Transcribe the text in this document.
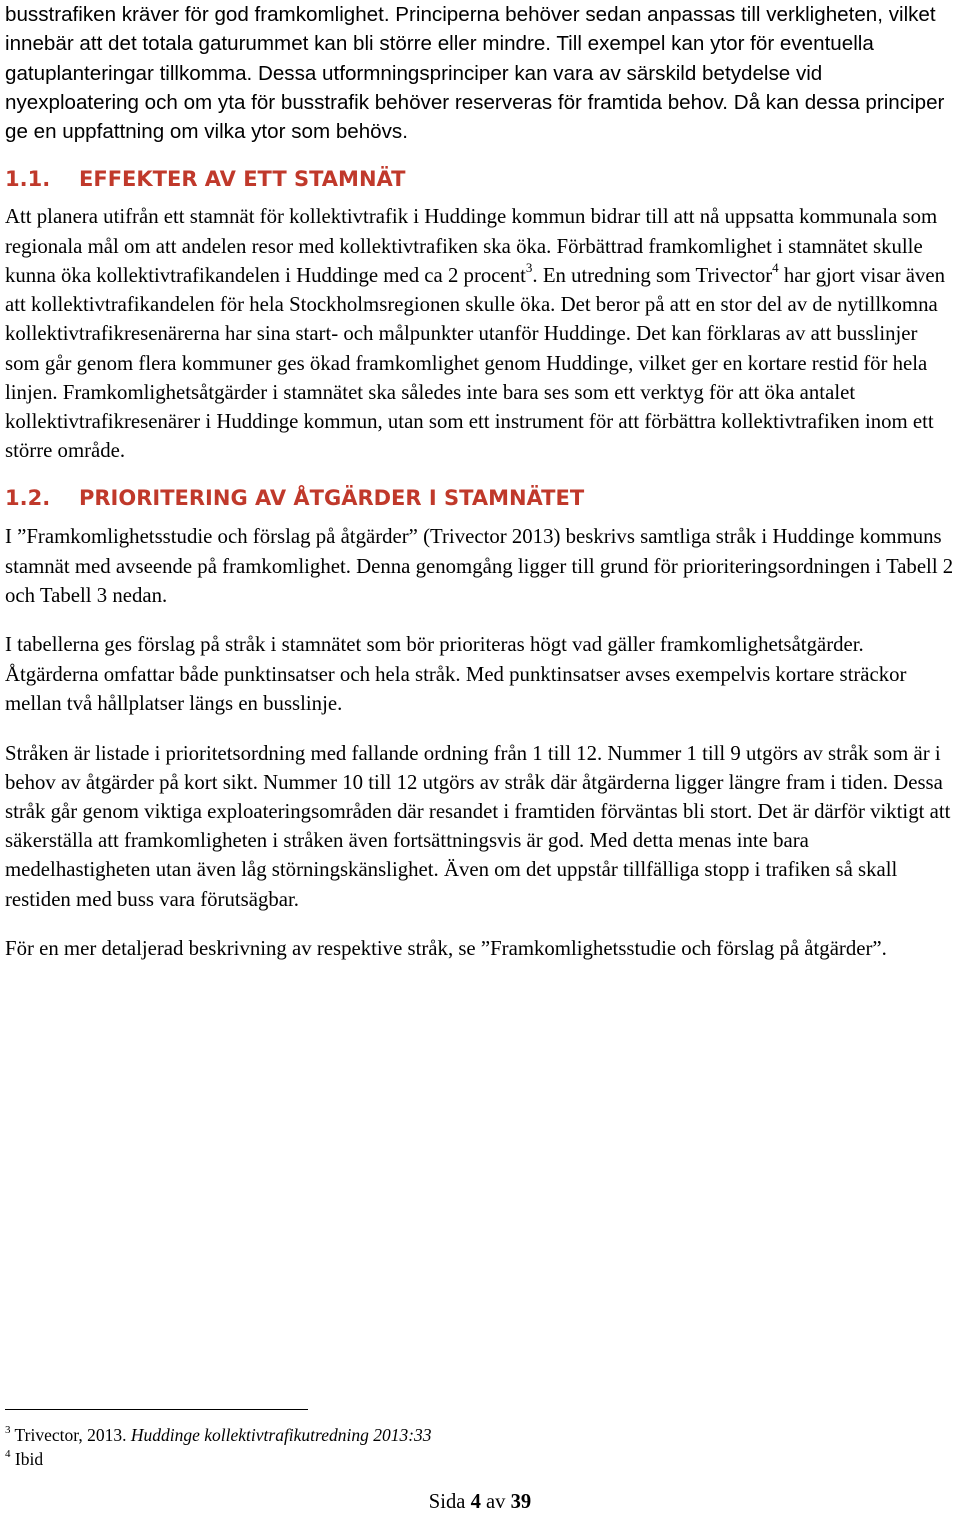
busstrafiken kräver för god framkomlighet. Principerna behöver sedan anpassas till verkligheten, vilket innebär att det totala gaturummet kan bli större eller mindre. Till exempel kan ytor för eventuella gatuplanteringar tillkomma. Dessa utformningsprinciper kan vara av särskild betydelse vid nyexploatering och om yta för busstrafik behöver reserveras för framtida behov. Då kan dessa principer ge en uppfattning om vilka ytor som behövs.

1.1. EFFEKTER AV ETT STAMNÄT

Att planera utifrån ett stamnät för kollektivtrafik i Huddinge kommun bidrar till att nå uppsatta kommunala som regionala mål om att andelen resor med kollektivtrafiken ska öka. Förbättrad framkomlighet i stamnätet skulle kunna öka kollektivtrafikandelen i Huddinge med ca 2 procent$^3$. En utredning som Trivector$^4$ har gjort visar även att kollektivtrafikandelen för hela Stockholmsregionen skulle öka. Det beror på att en stor del av de nytillkomna kollektivtrafikresenärerna har sina start- och målpunkter utanför Huddinge. Det kan förklaras av att busslinjer som går genom flera kommuner ges ökad framkomlighet genom Huddinge, vilket ger en kortare restid för hela linjen. Framkomlighetsåtgärder i stamnätet ska således inte bara ses som ett verktyg för att öka antalet kollektivtrafikresenärer i Huddinge kommun, utan som ett instrument för att förbättra kollektivtrafiken inom ett större område.

1.2. PRIORITERING AV ÅTGÄRDER I STAMNÄTET

I ”Framkomlighetsstudie och förslag på åtgärder” (Trivector 2013) beskrivs samtliga stråk i Huddinge kommuns stamnät med avseende på framkomlighet. Denna genomgång ligger till grund för prioriteringsordningen i Tabell 2 och Tabell 3 nedan.

I tabellerna ges förslag på stråk i stamnätet som bör prioriteras högt vad gäller framkomlighetsåtgärder. Åtgärderna omfattar både punktinsatser och hela stråk. Med punktinsatser avses exempelvis kortare sträckor mellan två hållplatser längs en busslinje.

Stråken är listade i prioritetsordning med fallande ordning från 1 till 12. Nummer 1 till 9 utgörs av stråk som är i behov av åtgärder på kort sikt. Nummer 10 till 12 utgörs av stråk där åtgärderna ligger längre fram i tiden. Dessa stråk går genom viktiga exploateringsområden där resandet i framtiden förväntas bli stort. Det är därför viktigt att säkerställa att framkomligheten i stråken även fortsättningsvis är god. Med detta menas inte bara medelhastigheten utan även låg störningskänslighet. Även om det uppstår tillfälliga stopp i trafiken så skall restiden med buss vara förutsägbar.

För en mer detaljerad beskrivning av respektive stråk, se ”Framkomlighetsstudie och förslag på åtgärder”.

$^3$ Trivector, 2013. Huddinge kollektivtrafikutredning 2013:33

$^4$ Ibid

Sida 4 av 39
